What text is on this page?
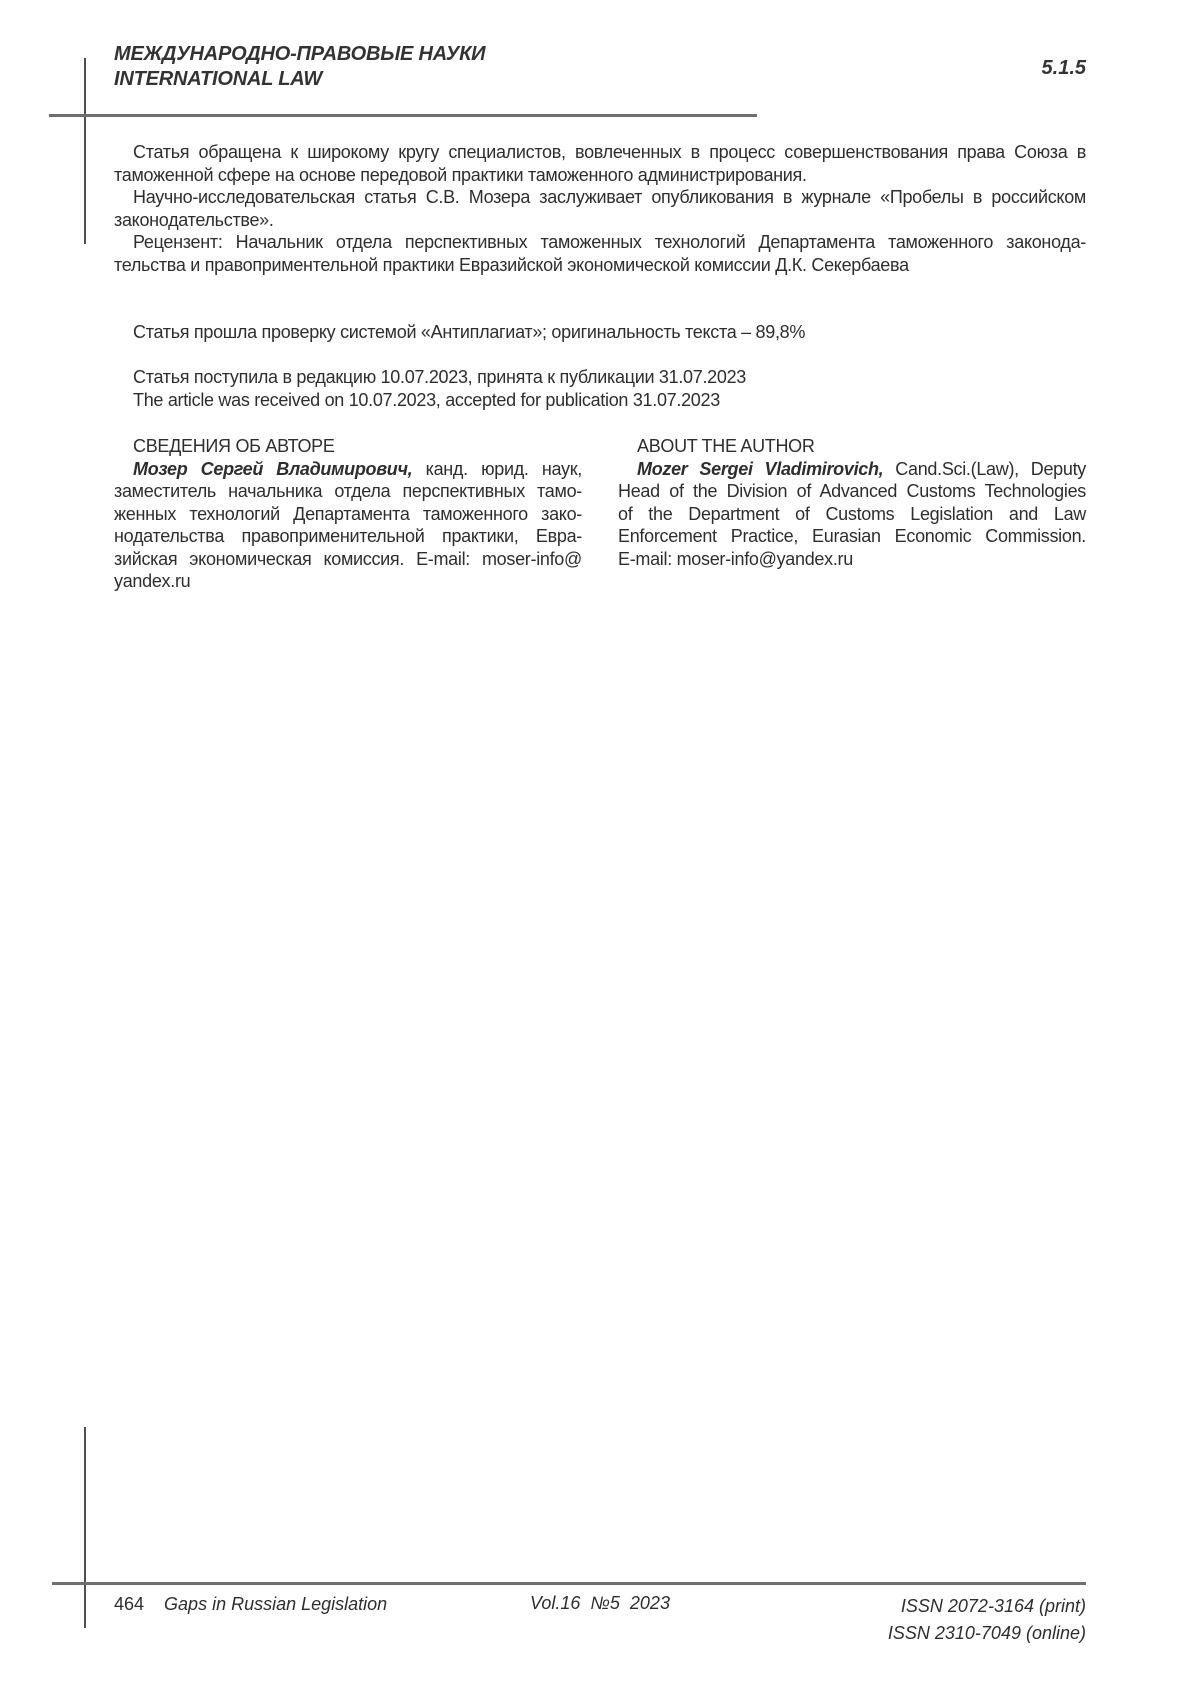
МЕЖДУНАРОДНО-ПРАВОВЫЕ НАУКИ
INTERNATIONAL LAW	5.1.5
Статья обращена к широкому кругу специалистов, вовлеченных в процесс совершенствования права Союза в
таможенной сфере на основе передовой практики таможенного администрирования.
Научно-исследовательская статья С.В. Мозера заслуживает опубликования в журнале «Пробелы в российском
законодательстве».
Рецензент: Начальник отдела перспективных таможенных технологий Департамента таможенного законода-
тельства и правоприментельной практики Евразийской экономической комиссии Д.К. Секербаева
Статья прошла проверку системой «Антиплагиат»; оригинальность текста – 89,8%
Статья поступила в редакцию 10.07.2023, принята к публикации 31.07.2023
The article was received on 10.07.2023, accepted for publication 31.07.2023
СВЕДЕНИЯ ОБ АВТОРЕ
Мозер Сергей Владимирович, канд. юрид. наук,
заместитель начальника отдела перспективных тамо-
женных технологий Департамента таможенного зако-
нодательства правоприменительной практики, Евра-
зийская экономическая комиссия. E-mail: moser-info@
yandex.ru
ABOUT THE AUTHOR
Mozer Sergei Vladimirovich, Cand.Sci.(Law), Deputy
Head of the Division of Advanced Customs Technologies
of the Department of Customs Legislation and Law
Enforcement Practice, Eurasian Economic Commission.
E-mail: moser-info@yandex.ru
464 Gaps in Russian Legislation	Vol.16  №5  2023	ISSN 2072-3164 (print)
ISSN 2310-7049 (online)
